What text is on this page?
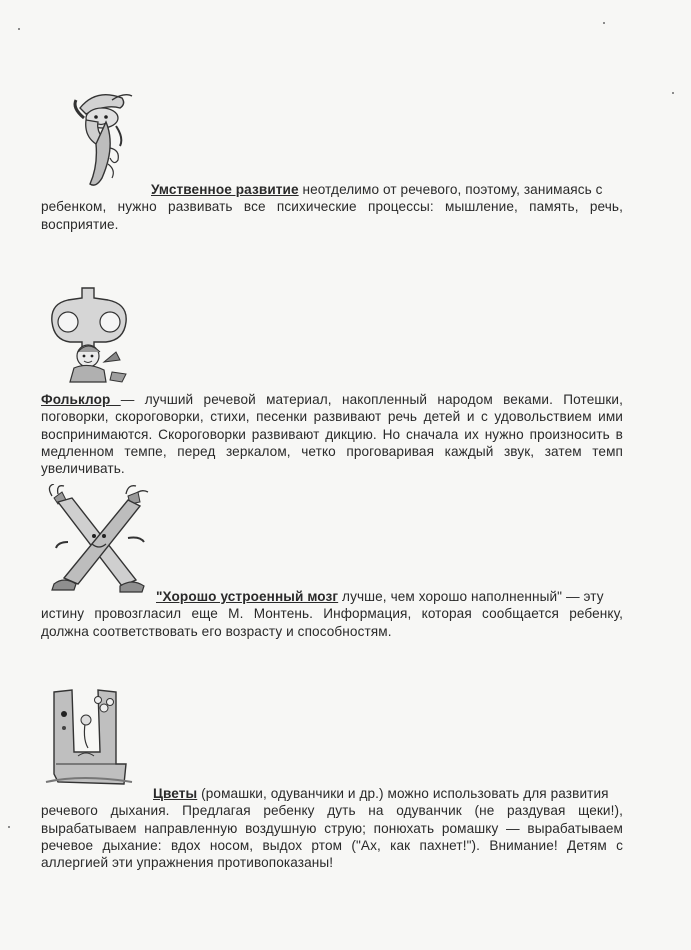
Умственное развитие неотделимо от речевого, поэтому, занимаясь с
ребенком, нужно развивать все психические процессы: мышление, память, речь, восприятие.
Фольклор — лучший речевой материал, накопленный народом веками. Потешки, поговорки, скороговорки, стихи, песенки развивают речь детей и с удовольствием ими воспринимаются. Скороговорки развивают дикцию. Но сначала их нужно произносить в медленном темпе, перед зеркалом, четко проговаривая каждый звук, затем темп увеличивать.
"Хорошо устроенный мозг лучше, чем хорошо наполненный" — эту
истину провозгласил еще М. Монтень. Информация, которая сообщается ребенку, должна соответствовать его возрасту и способностям.
Цветы (ромашки, одуванчики и др.) можно использовать для развития
речевого дыхания. Предлагая ребенку дуть на одуванчик (не раздувая щеки!), вырабатываем направленную воздушную струю; понюхать ромашку — вырабатываем речевое дыхание: вдох носом, выдох ртом ("Ах, как пахнет!"). Внимание! Детям с аллергией эти упражнения противопоказаны!
